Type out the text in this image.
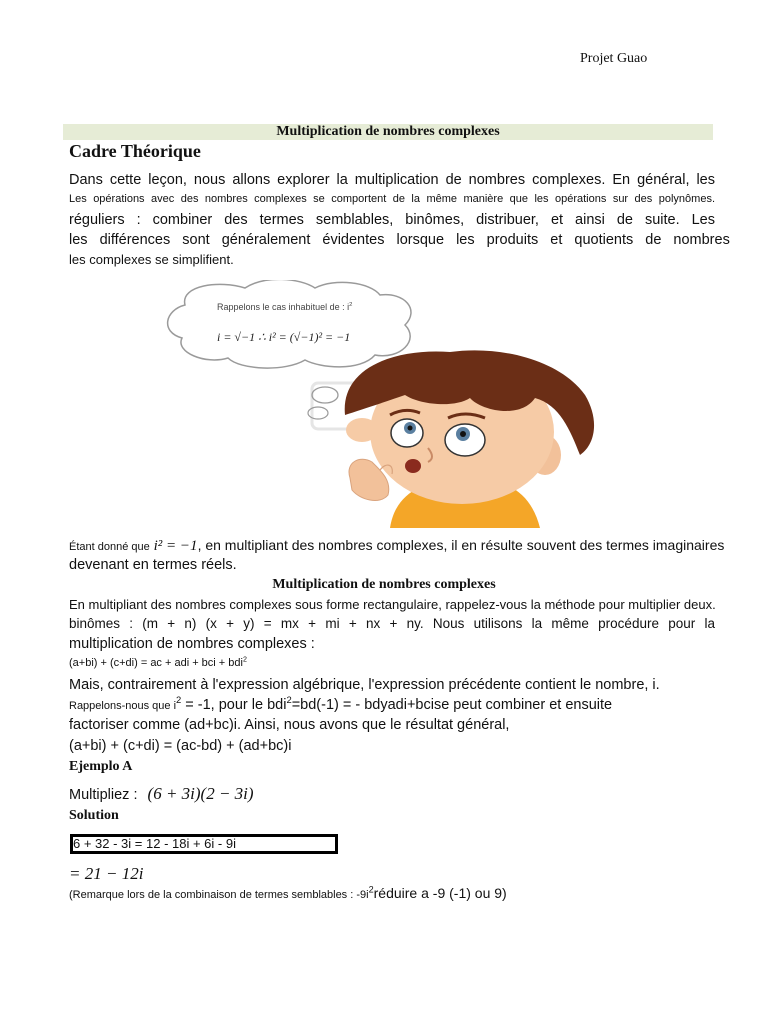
Projet Guao
Multiplication de nombres complexes
Cadre Théorique
Dans cette leçon, nous allons explorer la multiplication de nombres complexes. En général, les
Les opérations avec des nombres complexes se comportent de la même manière que les opérations sur des polynômes.
réguliers : combiner des termes semblables, binômes, distribuer, et ainsi de suite. Les
les différences sont généralement évidentes lorsque les produits et quotients de nombres
les complexes se simplifient.
Rappelons le cas inhabituel de : $i^2$
i = √−1 ∴ i² = (√−1)² = −1
Étant donné que i² = −1, en multipliant des nombres complexes, il en résulte souvent des termes imaginaires
devenant en termes réels.
Multiplication de nombres complexes
En multipliant des nombres complexes sous forme rectangulaire, rappelez-vous la méthode pour multiplier deux.
binômes : (m + n) (x + y) = mx + mi + nx + ny. Nous utilisons la même procédure pour la
multiplication de nombres complexes :
(a+bi) + (c+di) = ac + adi + bci + bdi$^2$
Mais, contrairement à l'expression algébrique, l'expression précédente contient le nombre, i.
Rappelons-nous que $i^2 = -1$, pour le bdi$^2$=bd(-1) = - bdyadi+bcise peut combiner et ensuite
factoriser comme (ad+bc)i. Ainsi, nous avons que le résultat général,
(a+bi) + (c+di) = (ac-bd) + (ad+bc)i
Ejemplo A
Multipliez : (6 + 3i)(2 − 3i)
Solution
6 + 32 - 3i = 12 - 18i + 6i - 9i
= 21 − 12i
(Remarque lors de la combinaison de termes semblables : $-9i^2réduire$ a -9 (-1) ou 9)
